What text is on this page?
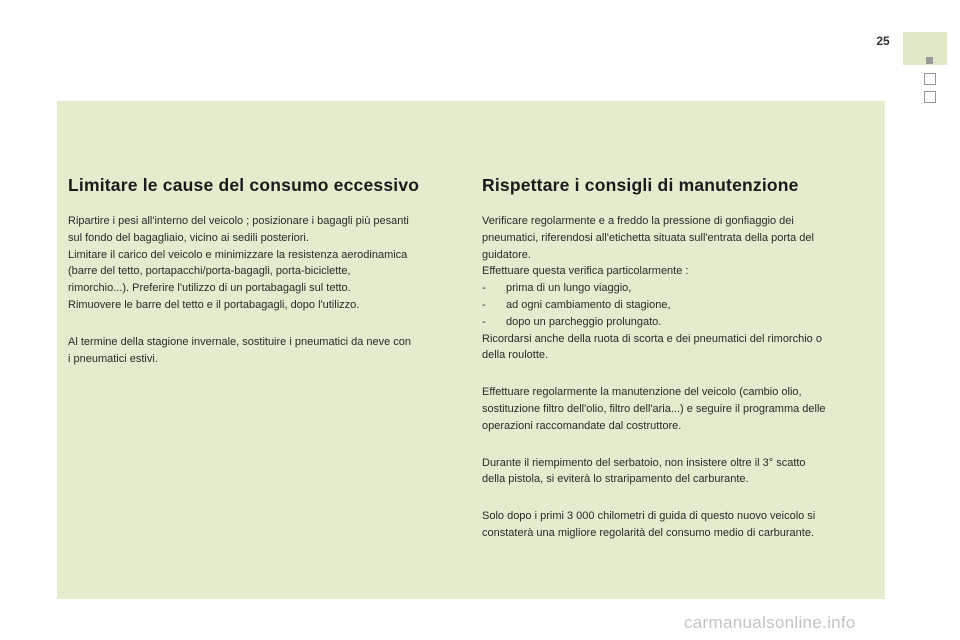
25
Limitare le cause del consumo eccessivo

Ripartire i pesi all'interno del veicolo ; posizionare i bagagli più pesanti
sul fondo del bagagliaio, vicino ai sedili posteriori.
Limitare il carico del veicolo e minimizzare la resistenza aerodinamica
(barre del tetto, portapacchi/porta-bagagli, porta-biciclette,
rimorchio...). Preferire l'utilizzo di un portabagagli sul tetto.
Rimuovere le barre del tetto e il portabagagli, dopo l'utilizzo.

Al termine della stagione invernale, sostituire i pneumatici da neve con
i pneumatici estivi.

Rispettare i consigli di manutenzione

Verificare regolarmente e a freddo la pressione di gonfiaggio dei
pneumatici, riferendosi all'etichetta situata sull'entrata della porta del
guidatore.
Effettuare questa verifica particolarmente :
- prima di un lungo viaggio,
- ad ogni cambiamento di stagione,
- dopo un parcheggio prolungato.
Ricordarsi anche della ruota di scorta e dei pneumatici del rimorchio o
della roulotte.

Effettuare regolarmente la manutenzione del veicolo (cambio olio,
sostituzione filtro dell'olio, filtro dell'aria...) e seguire il programma delle
operazioni raccomandate dal costruttore.

Durante il riempimento del serbatoio, non insistere oltre il 3° scatto
della pistola, si eviterà lo straripamento del carburante.

Solo dopo i primi 3 000 chilometri di guida di questo nuovo veicolo si
constaterà una migliore regolarità del consumo medio di carburante.

carmanualsonline.info
